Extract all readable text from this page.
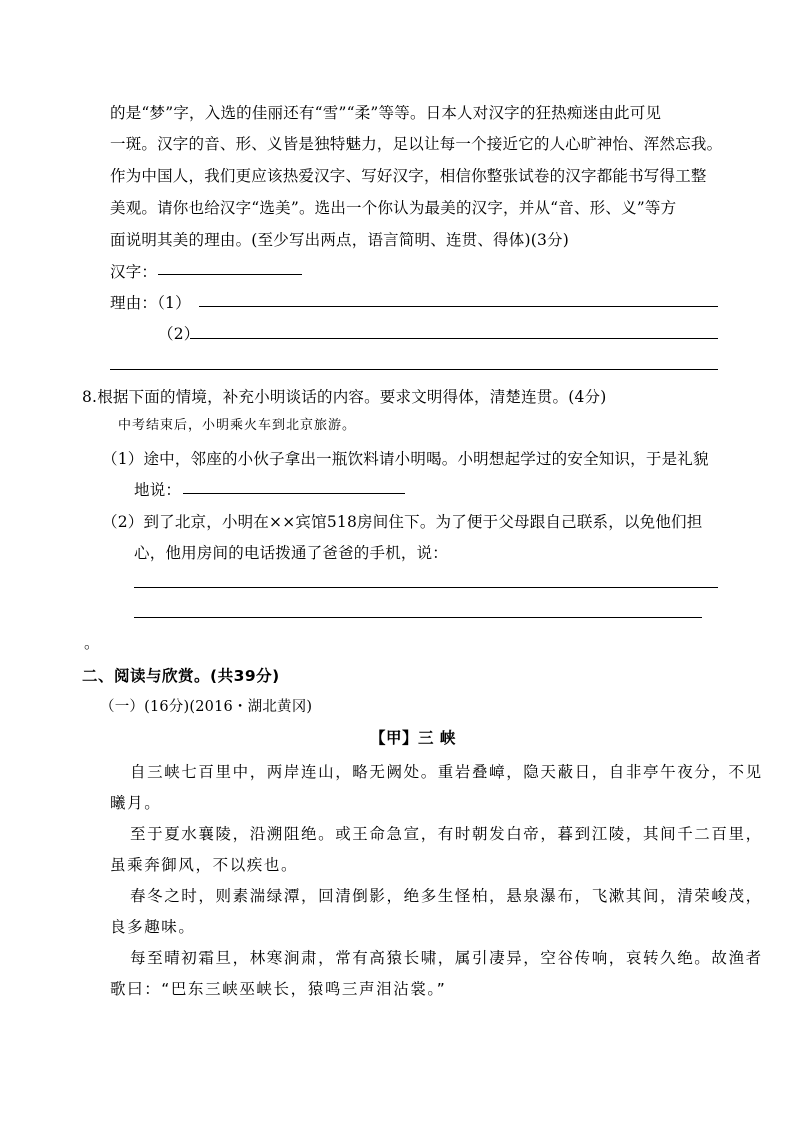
的是“梦”字，入选的佳丽还有“雪”“柔”等等。日本人对汉字的狂热痴迷由此可见
一斑。汉字的音、形、义皆是独特魅力，足以让每一个接近它的人心旷神怡、浑然忘我。
作为中国人，我们更应该热爱汉字、写好汉字，相信你整张试卷的汉字都能书写得工整
美观。请你也给汉字“选美”。选出一个你认为最美的汉字，并从“音、形、义”等方
面说明其美的理由。(至少写出两点，语言简明、连贯、得体)(3分)
汉字：
理由：（1）
（2）
8.根据下面的情境，补充小明谈话的内容。要求文明得体，清楚连贯。(4分)
中考结束后，小明乘火车到北京旅游。
（1）途中，邻座的小伙子拿出一瓶饮料请小明喝。小明想起学过的安全知识，于是礼貌
地说：
（2）到了北京，小明在××宾馆518房间住下。为了便于父母跟自己联系，以免他们担
心，他用房间的电话拨通了爸爸的手机，说：
。
二、阅读与欣赏。(共39分)
（一）(16分)(2016・湖北黄冈)
【甲】三 峡
自三峡七百里中，两岸连山，略无阙处。重岩叠嶂，隐天蔽日，自非亭午夜分，不见
曦月。
至于夏水襄陵，沿溯阻绝。或王命急宣，有时朝发白帝，暮到江陵，其间千二百里，
虽乘奔御风，不以疾也。
春冬之时，则素湍绿潭，回清倒影，绝多生怪柏，悬泉瀑布，飞漱其间，清荣峻茂，
良多趣味。
每至晴初霜旦，林寒涧肃，常有高猿长啸，属引凄异，空谷传响，哀转久绝。故渔者
歌曰：“巴东三峡巫峡长，猿鸣三声泪沾裳。”
